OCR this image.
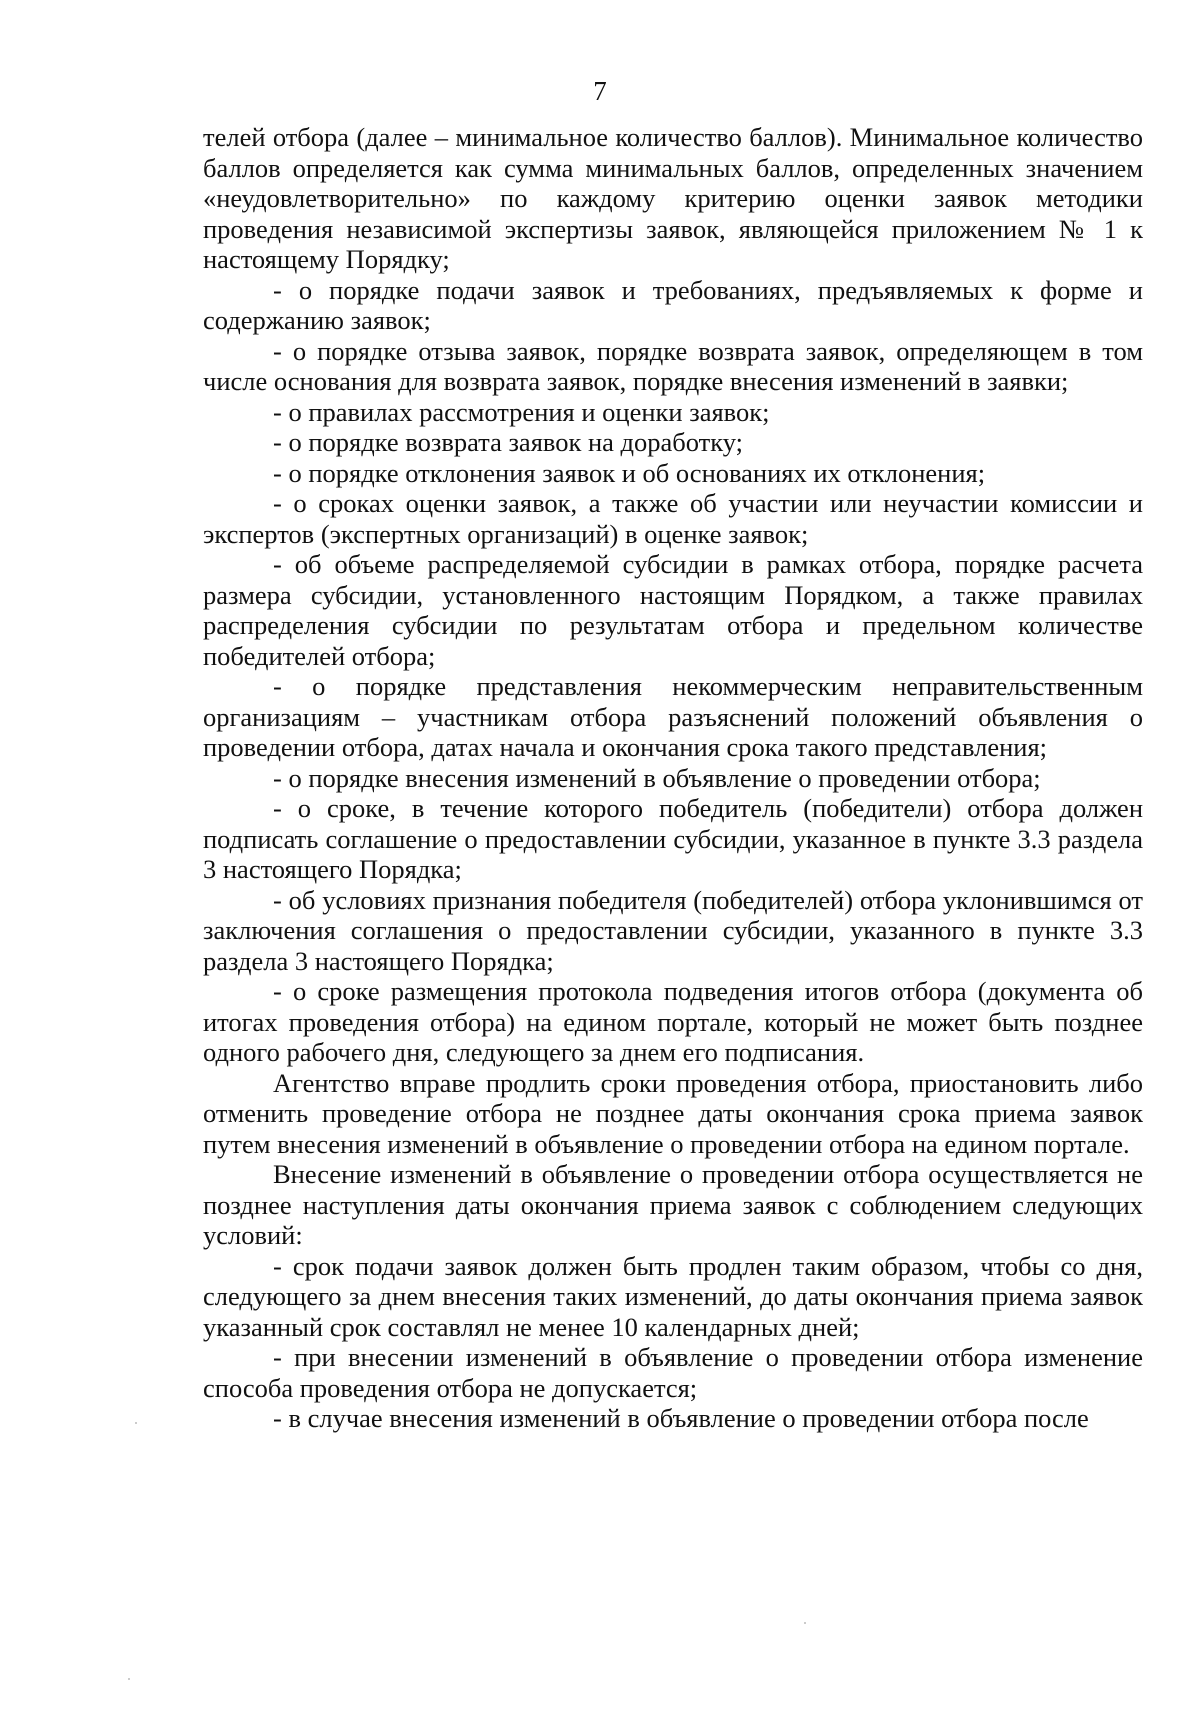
7

телей отбора (далее – минимальное количество баллов). Минимальное количество баллов определяется как сумма минимальных баллов, определенных значением «неудовлетворительно» по каждому критерию оценки заявок методики проведения независимой экспертизы заявок, являющейся приложением № 1 к настоящему Порядку;

- о порядке подачи заявок и требованиях, предъявляемых к форме и содержанию заявок;

- о порядке отзыва заявок, порядке возврата заявок, определяющем в том числе основания для возврата заявок, порядке внесения изменений в заявки;

- о правилах рассмотрения и оценки заявок;

- о порядке возврата заявок на доработку;

- о порядке отклонения заявок и об основаниях их отклонения;

- о сроках оценки заявок, а также об участии или неучастии комиссии и экспертов (экспертных организаций) в оценке заявок;

- об объеме распределяемой субсидии в рамках отбора, порядке расчета размера субсидии, установленного настоящим Порядком, а также правилах распределения субсидии по результатам отбора и предельном количестве победителей отбора;

- о порядке представления некоммерческим неправительственным организациям – участникам отбора разъяснений положений объявления о проведении отбора, датах начала и окончания срока такого представления;

- о порядке внесения изменений в объявление о проведении отбора;

- о сроке, в течение которого победитель (победители) отбора должен подписать соглашение о предоставлении субсидии, указанное в пункте 3.3 раздела 3 настоящего Порядка;

- об условиях признания победителя (победителей) отбора уклонившимся от заключения соглашения о предоставлении субсидии, указанного в пункте 3.3 раздела 3 настоящего Порядка;

- о сроке размещения протокола подведения итогов отбора (документа об итогах проведения отбора) на едином портале, который не может быть позднее одного рабочего дня, следующего за днем его подписания.

Агентство вправе продлить сроки проведения отбора, приостановить либо отменить проведение отбора не позднее даты окончания срока приема заявок путем внесения изменений в объявление о проведении отбора на едином портале.

Внесение изменений в объявление о проведении отбора осуществляется не позднее наступления даты окончания приема заявок с соблюдением следующих условий:

- срок подачи заявок должен быть продлен таким образом, чтобы со дня, следующего за днем внесения таких изменений, до даты окончания приема заявок указанный срок составлял не менее 10 календарных дней;

- при внесении изменений в объявление о проведении отбора изменение способа проведения отбора не допускается;

- в случае внесения изменений в объявление о проведении отбора после
